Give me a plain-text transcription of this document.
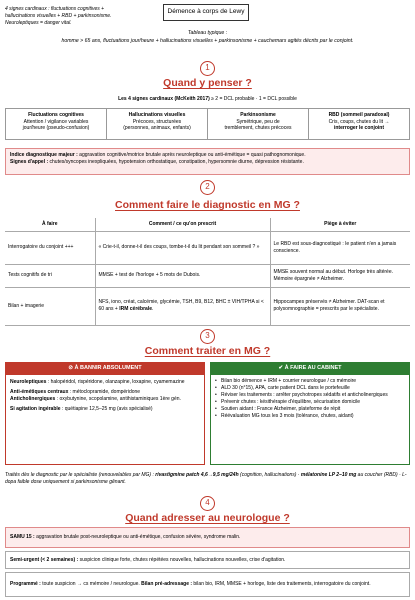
4 signes cardinaux : fluctuations cognitives +
hallucinations visuelles + RBD + parkinsonisme.
Neuroleptiques = danger vital.
Démence à corps de Lewy
Tableau typique :
homme > 65 ans, fluctuations jour/heure + hallucinations visuelles + parkinsonisme + cauchemars agités décrits par le conjoint.
1
Quand y penser ?
Les 4 signes cardinaux (McKeith 2017) ≥ 2 = DCL probable · 1 = DCL possible
Fluctuations cognitives
Attention / vigilance variables
jour/heure (pseudo-confusion)
Hallucinations visuelles
Précoces, structurées
(personnes, animaux, enfants)
Parkinsonisme
Symétrique, peu de
tremblement, chutes précoces
RBD (sommeil paradoxal)
Cris, coups, chutes du lit →
interroger le conjoint
Indice diagnostique majeur : aggravation cognitive/motrice brutale après neuroleptique ou anti-émétique = quasi pathognomonique.
Signes d'appel : chutes/syncopes inexpliquées, hypotension orthostatique, constipation, hypersomnie diurne, dépression résistante.
2
Comment faire le diagnostic en MG ?
À faire	Comment / ce qu'on prescrit	Piège à éviter
Interrogatoire du conjoint +++	« Crie-t-il, donne-t-il des coups, tombe-t-il du lit pendant son sommeil ? »	Le RBD est sous-diagnostiqué : le patient n'en a jamais conscience.
Tests cognitifs de tri	MMSE + test de l'horloge + 5 mots de Dubois.	MMSE souvent normal au début. Horloge très altérée. Mémoire épargnée ≠ Alzheimer.
Bilan + imagerie	NFS, iono, créat, calcémie, glycémie, TSH, B9, B12, BHC ± VIH/TPHA si < 60 ans + IRM cérébrale.	Hippocampes préservés ≠ Alzheimer. DAT-scan et polysomnographie = prescrits par le spécialiste.
3
Comment traiter en MG ?
⊘ À BANNIR ABSOLUMENT

Neuroleptiques : halopéridol, rispéridone, olanzapine, loxapine, cyamemazine

Anti-émétiques centraux : métoclopramide, dompéridone

Anticholinergiques : oxybutynine, scopolamine, antihistaminiques 1ère gén.

Si agitation ingérable : quétiapine 12,5–25 mg (avis spécialisé)

✔ À FAIRE AU CABINET
• Bilan bio démence + IRM + courrier neurologue / cs mémoire
• ALD 30 (n°15), APA, carte patient DCL dans le portefeuille
• Réviser les traitements : arrêter psychotropes sédatifs et anticholinergiques
• Prévenir chutes : késithérapie d'équilibre, sécurisation domicile
• Soutien aidant : France Alzheimer, plateforme de répit
• Réévaluation MG tous les 3 mois (tolérance, chutes, aidant)
Traités dès le diagnostic par le spécialiste (renouvelables par MG) : rivastigmine patch 4,6→9,5 mg/24h (cognition, hallucinations) · mélatonine LP 2–10 mg au coucher (RBD) · L-dopa faible dose uniquement si parkinsonisme gênant.
4
Quand adresser au neurologue ?
SAMU 15 : aggravation brutale post-neuroleptique ou anti-émétique, confusion sévère, syndrome malin.
Semi-urgent (< 2 semaines) : suspicion clinique forte, chutes répétées nouvelles, hallucinations nouvelles, crise d'agitation.
Programmé : toute suspicion → cs mémoire / neurologue. Bilan pré-adressage : bilan bio, IRM, MMSE + horloge, liste des traitements, interrogatoire du conjoint.
